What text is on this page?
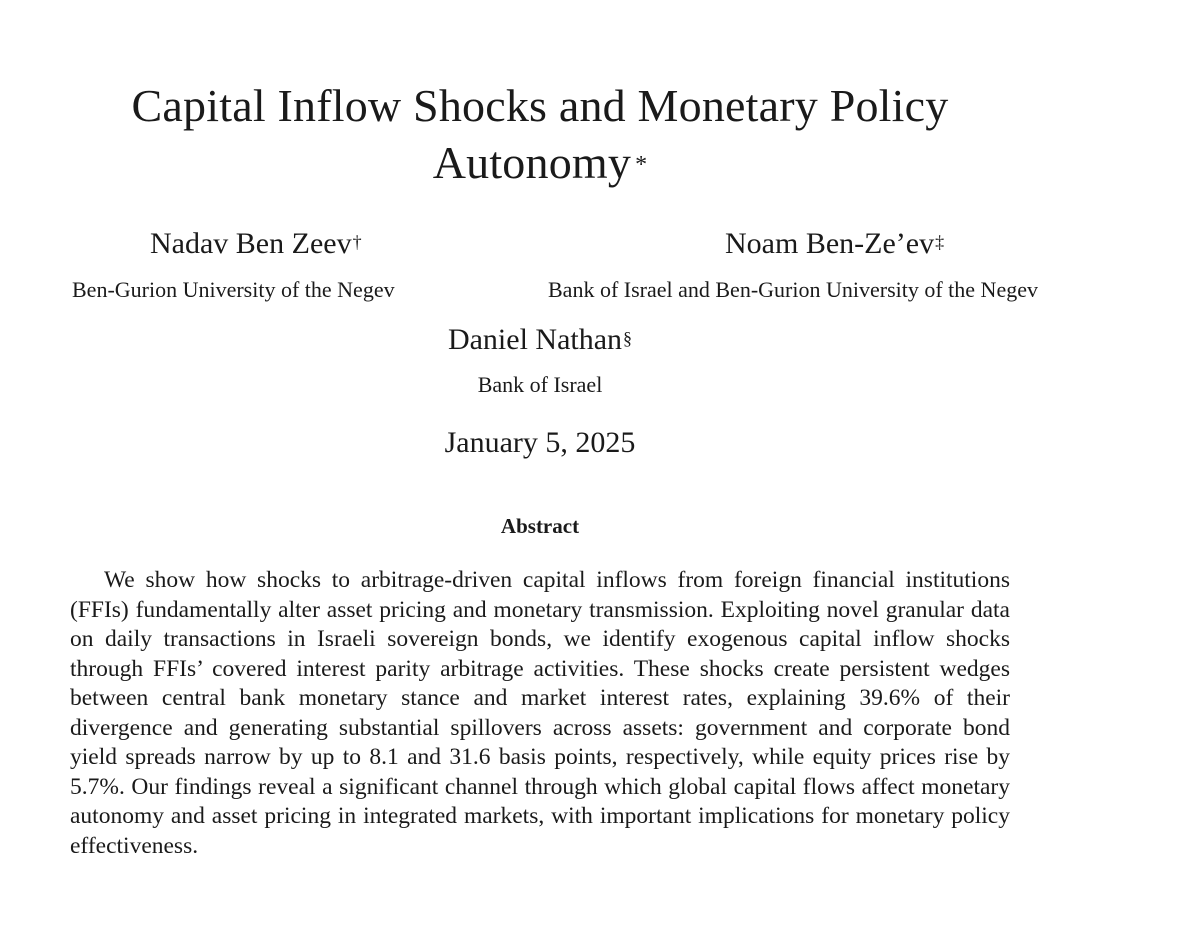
Capital Inflow Shocks and Monetary Policy
Autonomy *
Nadav Ben Zeev†
Ben-Gurion University of the Negev
Noam Ben-Ze’ev‡
Bank of Israel and Ben-Gurion University of the Negev
Daniel Nathan§
Bank of Israel
January 5, 2025
Abstract

We show how shocks to arbitrage-driven capital inflows from foreign financial institutions (FFIs) fundamentally alter asset pricing and monetary transmission. Exploiting novel granular data on daily transactions in Israeli sovereign bonds, we identify exogenous capital inflow shocks through FFIs’ covered interest parity arbitrage activities. These shocks create persistent wedges between central bank monetary stance and market interest rates, explaining 39.6% of their divergence and generating substantial spillovers across assets: government and corporate bond yield spreads narrow by up to 8.1 and 31.6 basis points, respectively, while equity prices rise by 5.7%. Our findings reveal a significant channel through which global capital flows affect monetary autonomy and asset pricing in integrated markets, with important implications for monetary policy effectiveness.
